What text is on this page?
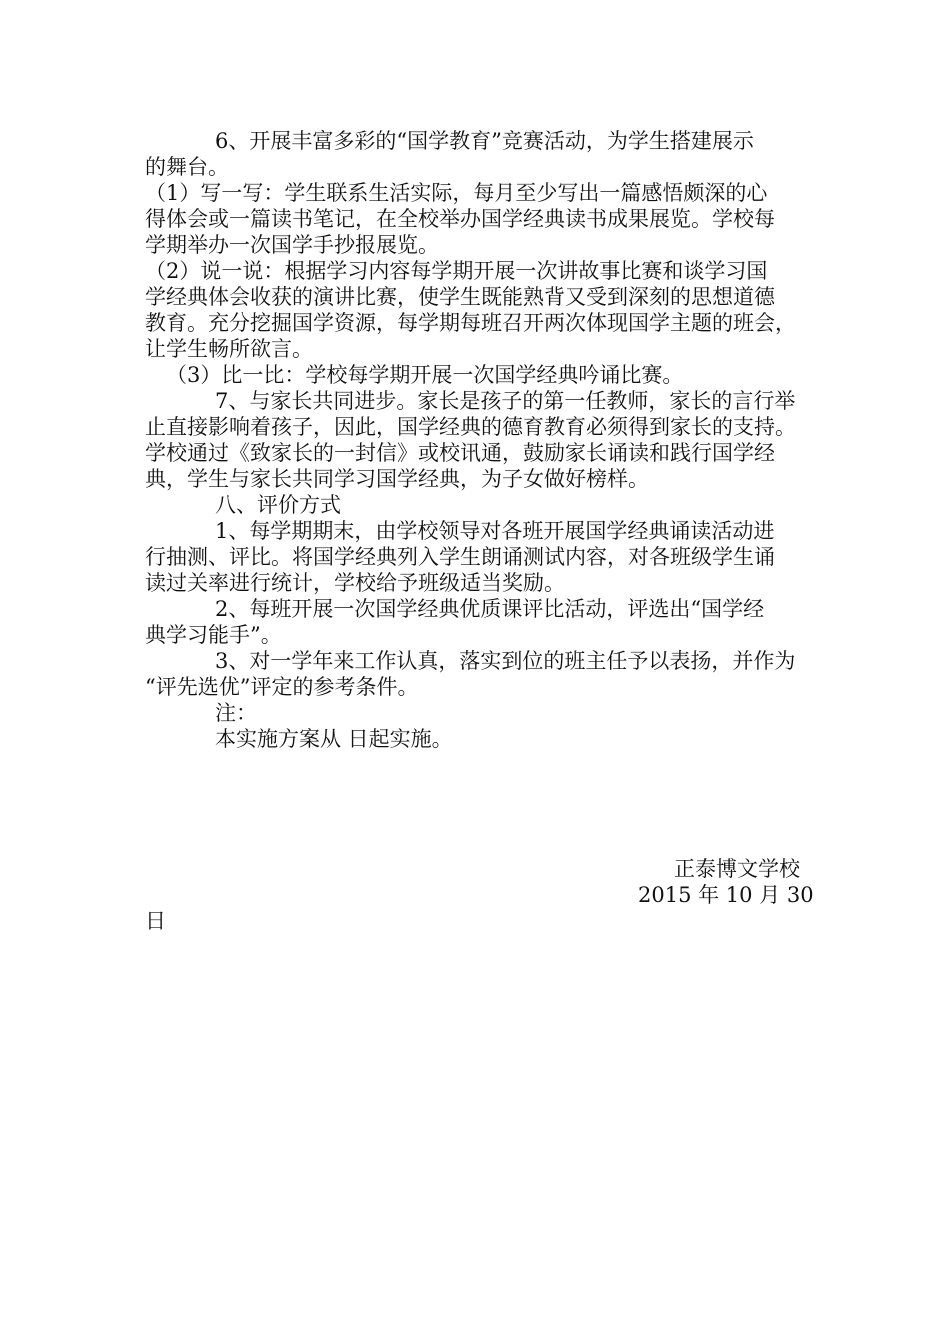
6、开展丰富多彩的“国学教育”竞赛活动，为学生搭建展示

的舞台。

（1）写一写：学生联系生活实际，每月至少写出一篇感悟颇深的心

得体会或一篇读书笔记，在全校举办国学经典读书成果展览。学校每

学期举办一次国学手抄报展览。

（2）说一说：根据学习内容每学期开展一次讲故事比赛和谈学习国

学经典体会收获的演讲比赛，使学生既能熟背又受到深刻的思想道德

教育。充分挖掘国学资源，每学期每班召开两次体现国学主题的班会，

让学生畅所欲言。

（3）比一比：学校每学期开展一次国学经典吟诵比赛。

7、与家长共同进步。家长是孩子的第一任教师，家长的言行举

止直接影响着孩子，因此，国学经典的德育教育必须得到家长的支持。

学校通过《致家长的一封信》或校讯通，鼓励家长诵读和践行国学经

典，学生与家长共同学习国学经典，为子女做好榜样。

八、评价方式

1、每学期期末，由学校领导对各班开展国学经典诵读活动进

行抽测、评比。将国学经典列入学生朗诵测试内容，对各班级学生诵

读过关率进行统计，学校给予班级适当奖励。

2、每班开展一次国学经典优质课评比活动，评选出“国学经

典学习能手”。

3、对一学年来工作认真，落实到位的班主任予以表扬，并作为

“评先选优”评定的参考条件。

注：

本实施方案从 日起实施。

正泰博文学校

2015 年 10 月 30

日
